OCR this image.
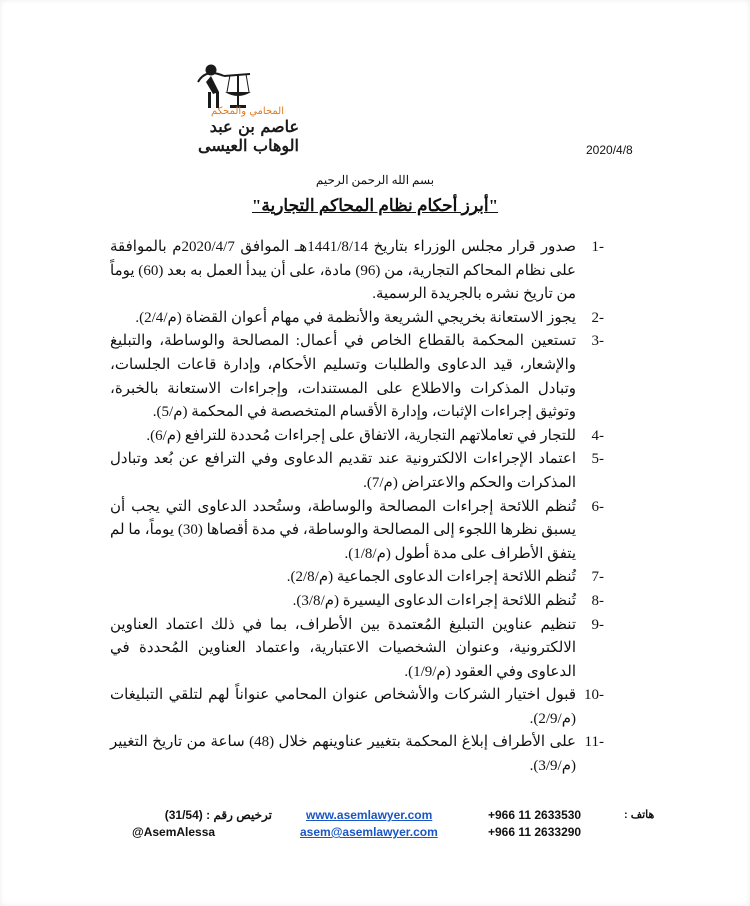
المحامي والمحكم
عاصم بن عبد الوهاب العيسى	2020/4/8
بسم الله الرحمن الرحيم
"أبرز أحكام نظام المحاكم التجارية"
1-
صدور قرار مجلس الوزراء بتاريخ 1441/8/14هـ الموافق 2020/4/7م بالموافقة على نظام المحاكم التجارية، من (96) مادة، على أن يبدأ العمل به بعد (60) يوماً من تاريخ نشره بالجريدة الرسمية.
2-
يجوز الاستعانة بخريجي الشريعة والأنظمة في مهام أعوان القضاة (م/2/4).
3-
تستعين المحكمة بالقطاع الخاص في أعمال: المصالحة والوساطة، والتبليغ والإشعار، قيد الدعاوى والطلبات وتسليم الأحكام، وإدارة قاعات الجلسات، وتبادل المذكرات والاطلاع على المستندات، وإجراءات الاستعانة بالخبرة، وتوثيق إجراءات الإثبات، وإدارة الأقسام المتخصصة في المحكمة (م/5).
4-
للتجار في تعاملاتهم التجارية، الاتفاق على إجراءات مُحددة للترافع (م/6).
5-
اعتماد الإجراءات الالكترونية عند تقديم الدعاوى وفي الترافع عن بُعد وتبادل المذكرات والحكم والاعتراض (م/7).
6-
تُنظم اللائحة إجراءات المصالحة والوساطة، وستُحدد الدعاوى التي يجب أن يسبق نظرها اللجوء إلى المصالحة والوساطة، في مدة أقصاها (30) يوماً، ما لم يتفق الأطراف على مدة أطول (م/1/8).
7-
تُنظم اللائحة إجراءات الدعاوى الجماعية (م/2/8).
8-
تُنظم اللائحة إجراءات الدعاوى اليسيرة (م/3/8).
9-
تنظيم عناوين التبليغ المُعتمدة بين الأطراف، بما في ذلك اعتماد العناوين الالكترونية، وعنوان الشخصيات الاعتبارية، واعتماد العناوين المُحددة في الدعاوى وفي العقود (م/1/9).
10-
قبول اختيار الشركات والأشخاص عنوان المحامي عنواناً لهم لتلقي التبليغات (م/2/9).
11-
على الأطراف إبلاغ المحكمة بتغيير عناوينهم خلال (48) ساعة من تاريخ التغيير (م/3/9).
ترخيص رقم : (31/54)
@AsemAlessa
www.asemlawyer.com
asem@asemlawyer.com
+966 11 2633530	هاتف :
+966 11 2633290
